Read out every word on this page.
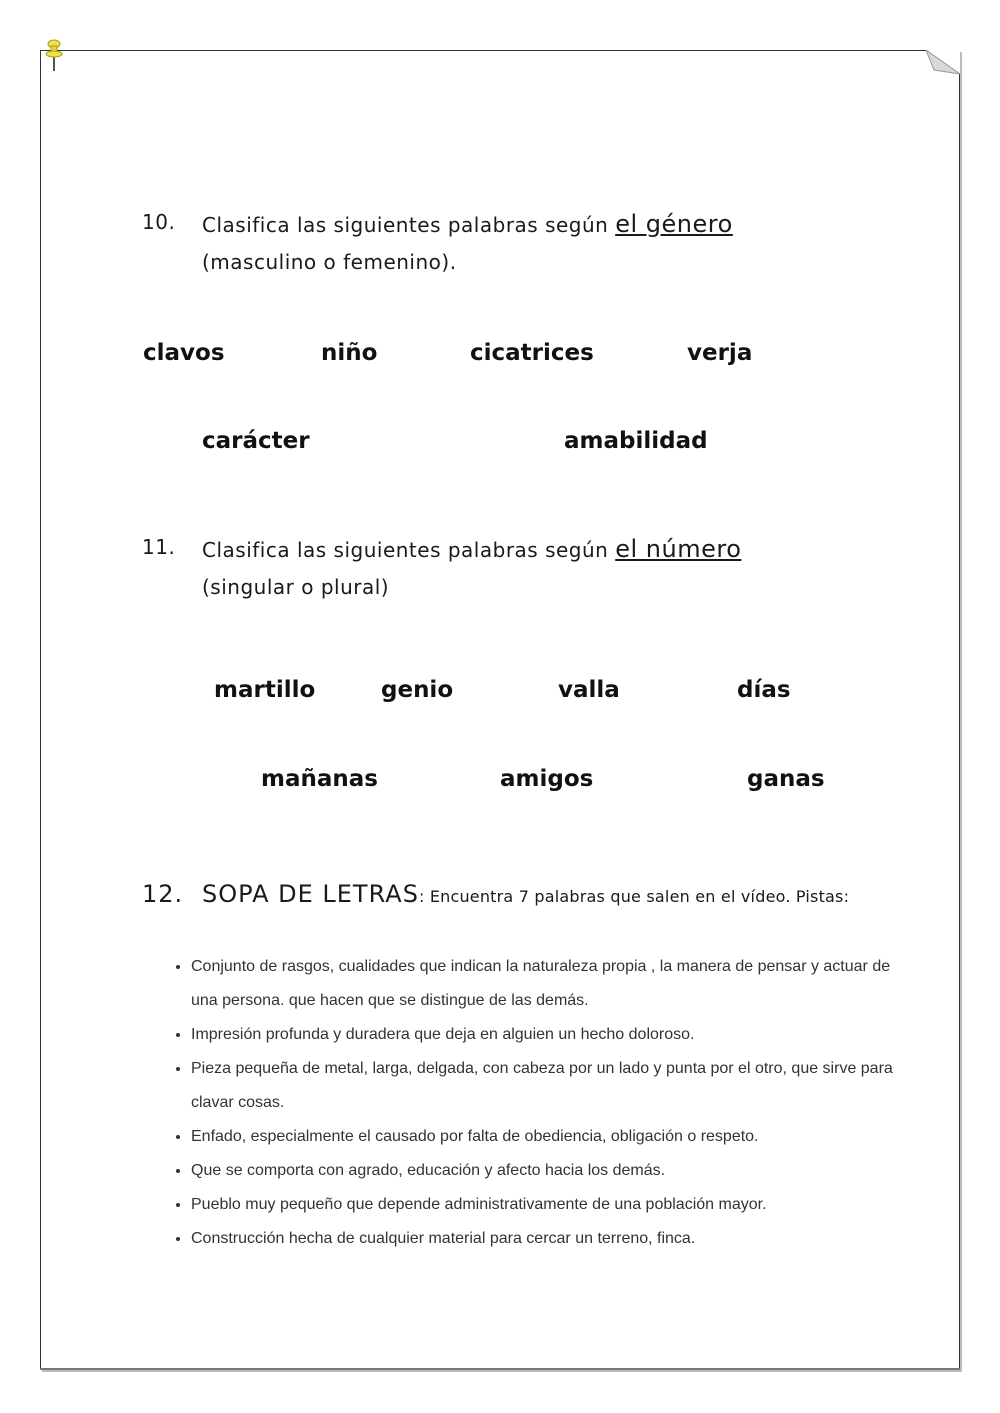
10. Clasifica las siguientes palabras según el género
(masculino o femenino).
clavos	niño	cicatrices	verja
carácter	amabilidad
11. Clasifica las siguientes palabras según el número
(singular o plural)
martillo	genio	valla	días
mañanas	amigos	ganas
12. SOPA DE LETRAS: Encuentra 7 palabras que salen en el vídeo. Pistas:
• Conjunto de rasgos, cualidades que indican la naturaleza propia , la manera de pensar y actuar de una persona. que hacen que se distingue de las demás.
• Impresión profunda y duradera que deja en alguien un hecho doloroso.
• Pieza pequeña de metal, larga, delgada, con cabeza por un lado y punta por el otro, que sirve para clavar cosas.
• Enfado, especialmente el causado por falta de obediencia, obligación o respeto.
• Que se comporta con agrado, educación y afecto hacia los demás.
• Pueblo muy pequeño que depende administrativamente de una población mayor.
• Construcción hecha de cualquier material para cercar un terreno, finca.
